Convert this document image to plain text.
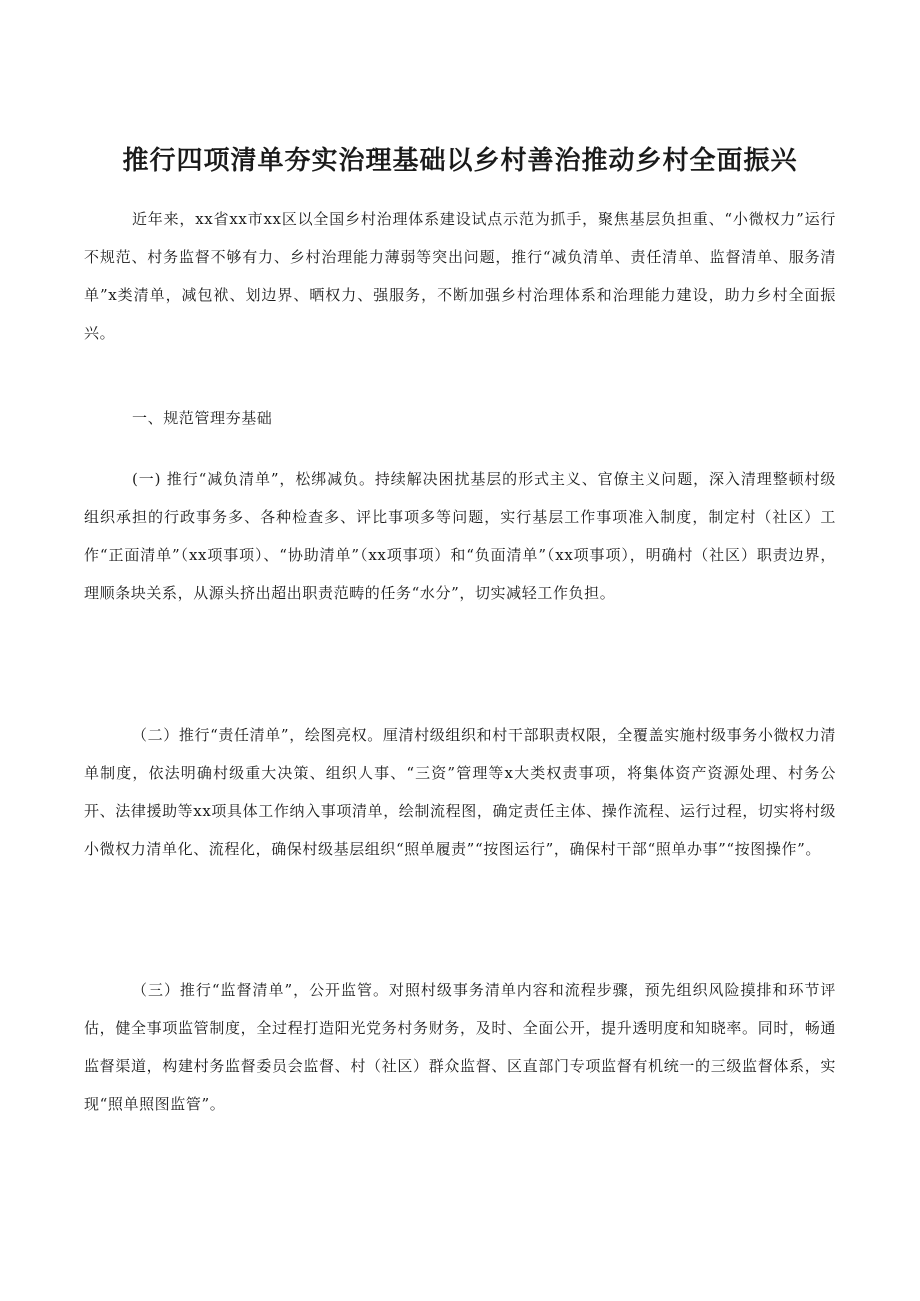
推行四项清单夯实治理基础以乡村善治推动乡村全面振兴

近年来，xx省xx市xx区以全国乡村治理体系建设试点示范为抓手，聚焦基层负担重、“小微权力”运行不规范、村务监督不够有力、乡村治理能力薄弱等突出问题，推行“减负清单、责任清单、监督清单、服务清单”x类清单，减包袱、划边界、晒权力、强服务，不断加强乡村治理体系和治理能力建设，助力乡村全面振兴。

一、规范管理夯基础

(一) 推行“减负清单”，松绑减负。持续解决困扰基层的形式主义、官僚主义问题，深入清理整顿村级组织承担的行政事务多、各种检查多、评比事项多等问题，实行基层工作事项准入制度，制定村（社区）工作“正面清单”（xx项事项）、“协助清单”（xx项事项）和“负面清单”（xx项事项），明确村（社区）职责边界，理顺条块关系，从源头挤出超出职责范畴的任务“水分”，切实减轻工作负担。

（二）推行“责任清单”，绘图亮权。厘清村级组织和村干部职责权限，全覆盖实施村级事务小微权力清单制度，依法明确村级重大决策、组织人事、“三资”管理等x大类权责事项，将集体资产资源处理、村务公开、法律援助等xx项具体工作纳入事项清单，绘制流程图，确定责任主体、操作流程、运行过程，切实将村级小微权力清单化、流程化，确保村级基层组织“照单履责”“按图运行”，确保村干部“照单办事”“按图操作”。

（三）推行“监督清单”，公开监管。对照村级事务清单内容和流程步骤，预先组织风险摸排和环节评估，健全事项监管制度，全过程打造阳光党务村务财务，及时、全面公开，提升透明度和知晓率。同时，畅通监督渠道，构建村务监督委员会监督、村（社区）群众监督、区直部门专项监督有机统一的三级监督体系，实现“照单照图监管”。
